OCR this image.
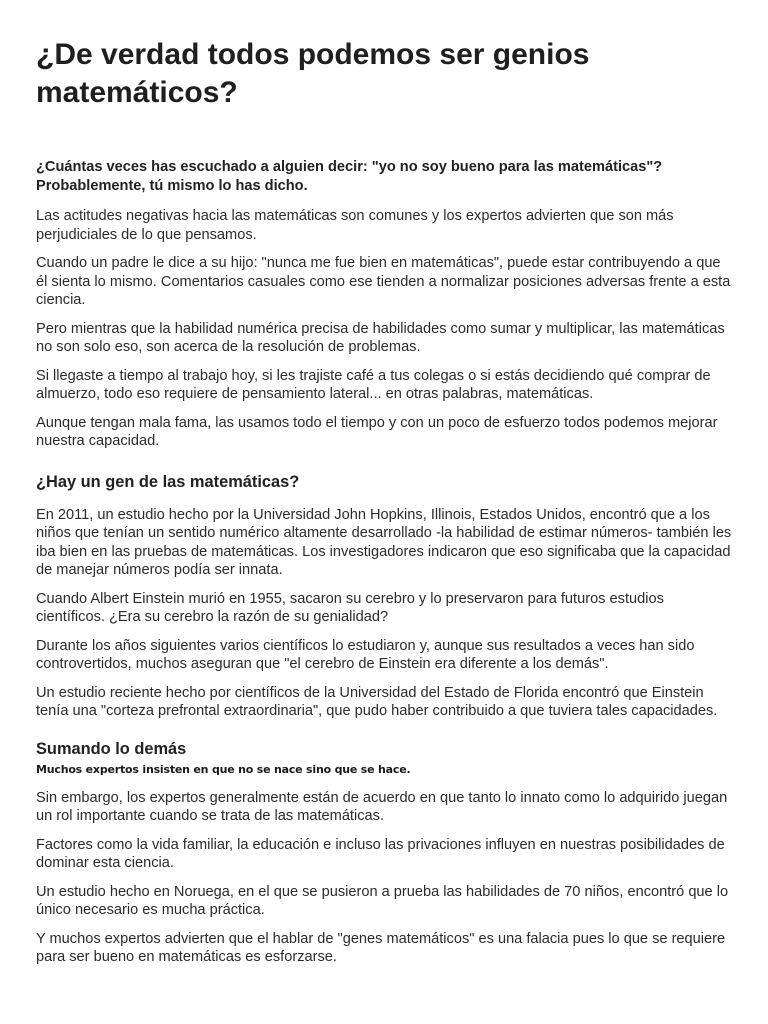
¿De verdad todos podemos ser genios matemáticos?

¿Cuántas veces has escuchado a alguien decir: "yo no soy bueno para las matemáticas"? Probablemente, tú mismo lo has dicho.

Las actitudes negativas hacia las matemáticas son comunes y los expertos advierten que son más perjudiciales de lo que pensamos.

Cuando un padre le dice a su hijo: "nunca me fue bien en matemáticas", puede estar contribuyendo a que él sienta lo mismo. Comentarios casuales como ese tienden a normalizar posiciones adversas frente a esta ciencia.

Pero mientras que la habilidad numérica precisa de habilidades como sumar y multiplicar, las matemáticas no son solo eso, son acerca de la resolución de problemas.

Si llegaste a tiempo al trabajo hoy, si les trajiste café a tus colegas o si estás decidiendo qué comprar de almuerzo, todo eso requiere de pensamiento lateral... en otras palabras, matemáticas.

Aunque tengan mala fama, las usamos todo el tiempo y con un poco de esfuerzo todos podemos mejorar nuestra capacidad.

¿Hay un gen de las matemáticas?

En 2011, un estudio hecho por la Universidad John Hopkins, Illinois, Estados Unidos, encontró que a los niños que tenían un sentido numérico altamente desarrollado -la habilidad de estimar números- también les iba bien en las pruebas de matemáticas. Los investigadores indicaron que eso significaba que la capacidad de manejar números podía ser innata.

Cuando Albert Einstein murió en 1955, sacaron su cerebro y lo preservaron para futuros estudios científicos. ¿Era su cerebro la razón de su genialidad?

Durante los años siguientes varios científicos lo estudiaron y, aunque sus resultados a veces han sido controvertidos, muchos aseguran que "el cerebro de Einstein era diferente a los demás".

Un estudio reciente hecho por científicos de la Universidad del Estado de Florida encontró que Einstein tenía una "corteza prefrontal extraordinaria", que pudo haber contribuido a que tuviera tales capacidades.

Sumando lo demás
Muchos expertos insisten en que no se nace sino que se hace.

Sin embargo, los expertos generalmente están de acuerdo en que tanto lo innato como lo adquirido juegan un rol importante cuando se trata de las matemáticas.

Factores como la vida familiar, la educación e incluso las privaciones influyen en nuestras posibilidades de dominar esta ciencia.

Un estudio hecho en Noruega, en el que se pusieron a prueba las habilidades de 70 niños, encontró que lo único necesario es mucha práctica.

Y muchos expertos advierten que el hablar de "genes matemáticos" es una falacia pues lo que se requiere para ser bueno en matemáticas es esforzarse.
